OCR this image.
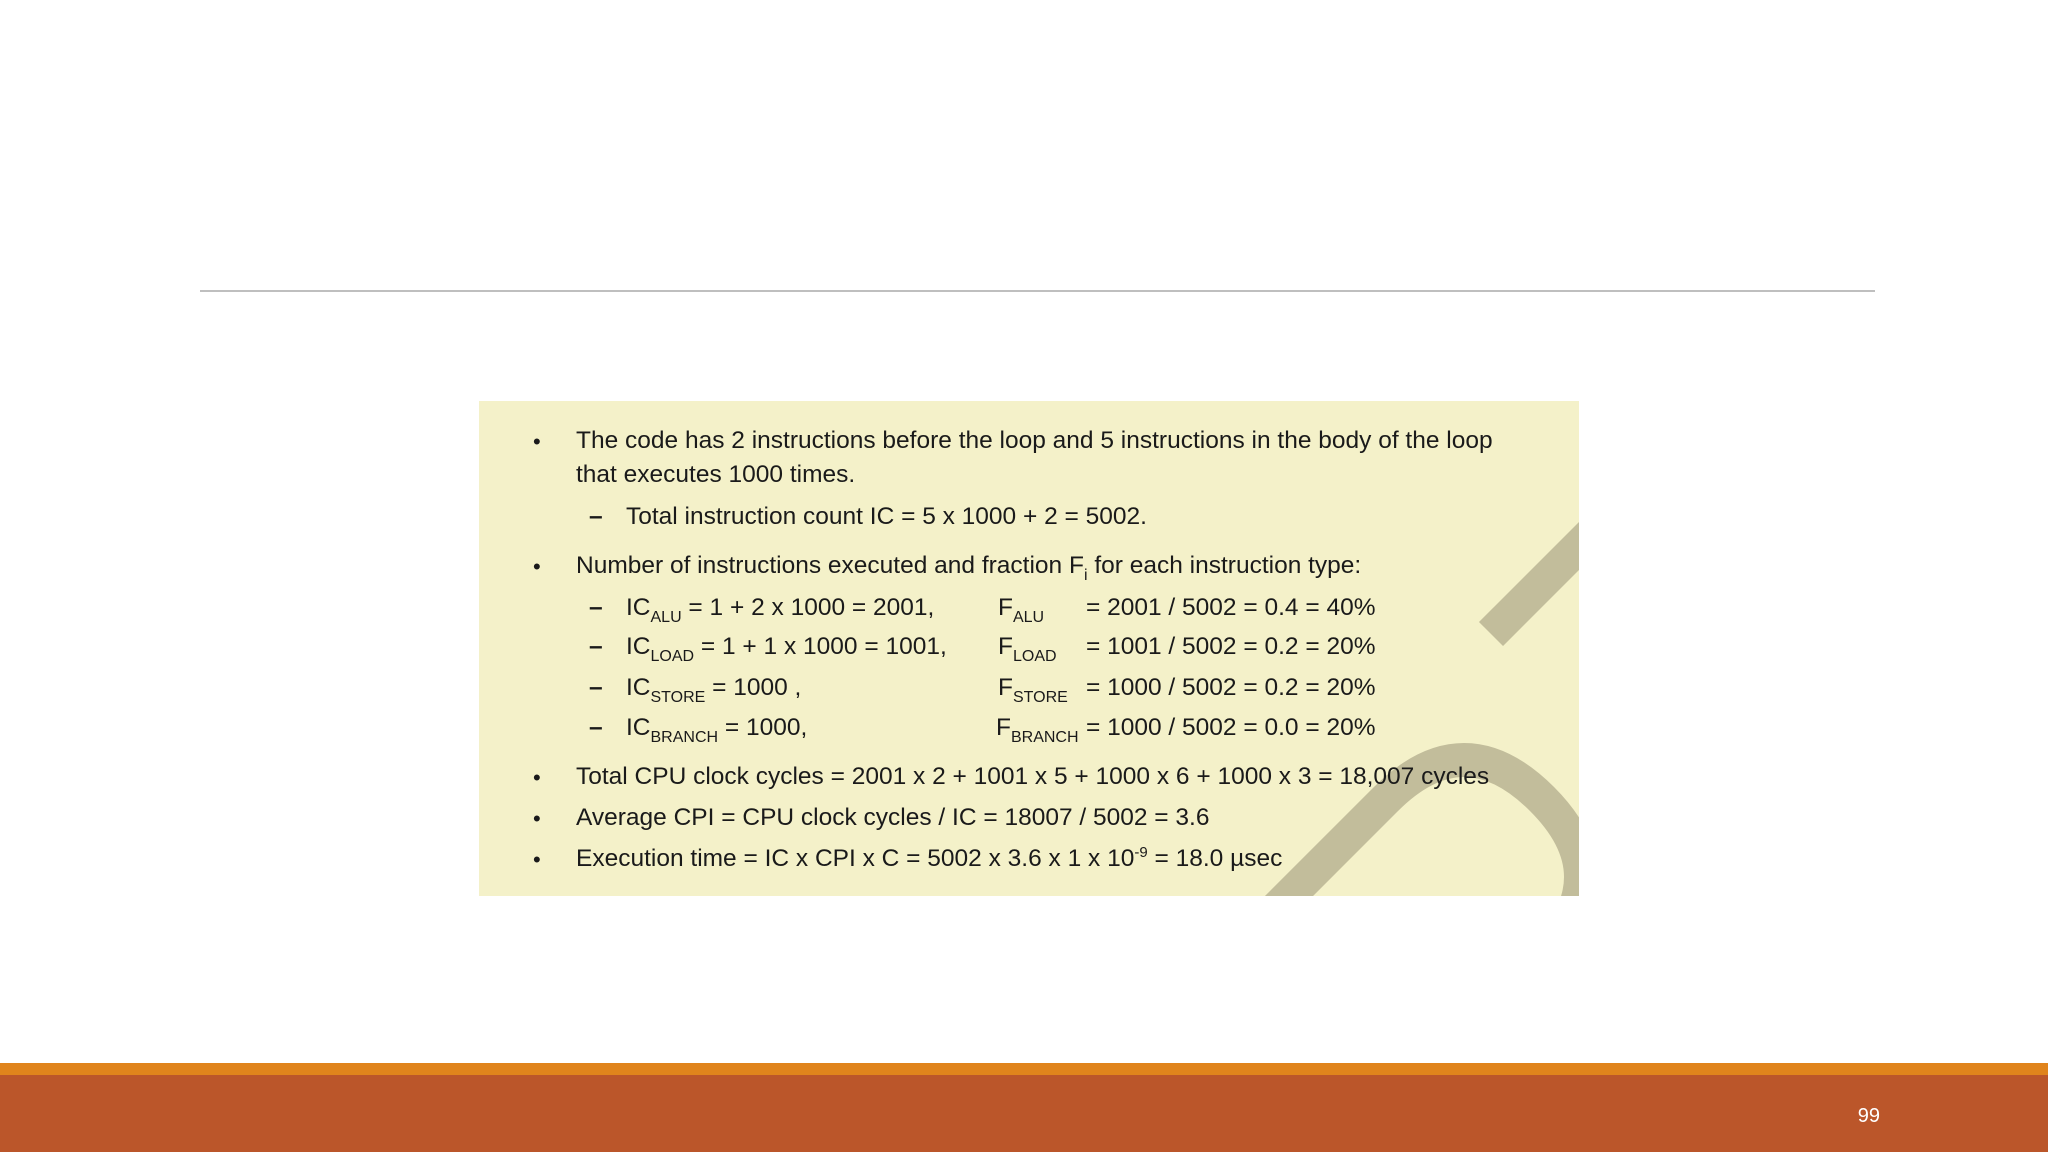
• The code has 2 instructions before the loop and 5 instructions in the body of the loop
that executes 1000 times.
– Total instruction count IC = 5 x 1000 + 2 = 5002.
• Number of instructions executed and fraction $F_i$ for each instruction type:
– $IC_{ALU} = 1 + 2$ x 1000 = 2001,	$F_{ALU} = 2001 / 5002 = 0.4 = 40\%$
– $IC_{LOAD} = 1 + 1$ x 1000 = 1001, $F_{LOAD} = 1001 / 5002 = 0.2 = 20\%$
– $IC_{STORE} = 1000$ ,	$F_{STORE} = 1000 / 5002 = 0.2 = 20\%$
– $IC_{BRANCH} = 1000$,	$F_{BRANCH} = 1000 / 5002 = 0.0 = 20\%$
• Total CPU clock cycles = 2001 x 2 + 1001 x 5 + 1000 x 6 + 1000 x 3 = 18,007 cycles
• Average CPI = CPU clock cycles / IC = 18007 / 5002 = 3.6
• Execution time = IC x CPI x C = 5002 x 3.6 x 1 x $10^{-9} = 18.0$ µsec
99
